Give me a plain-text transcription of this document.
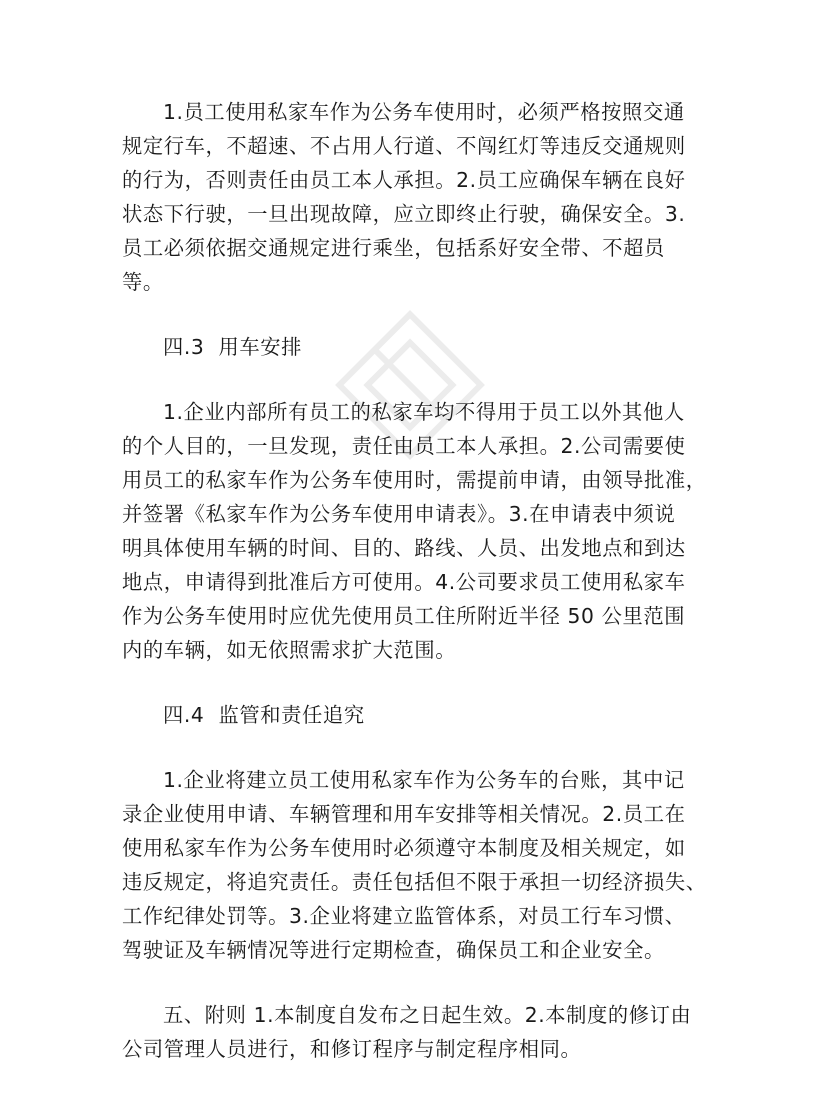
1.员工使用私家车作为公务车使用时，必须严格按照交通
规定行车，不超速、不占用人行道、不闯红灯等违反交通规则
的行为，否则责任由员工本人承担。2.员工应确保车辆在良好
状态下行驶，一旦出现故障，应立即终止行驶，确保安全。3.
员工必须依据交通规定进行乘坐，包括系好安全带、不超员
等。

四.3  用车安排

1.企业内部所有员工的私家车均不得用于员工以外其他人
的个人目的，一旦发现，责任由员工本人承担。2.公司需要使
用员工的私家车作为公务车使用时，需提前申请，由领导批准，
并签署《私家车作为公务车使用申请表》。3.在申请表中须说
明具体使用车辆的时间、目的、路线、人员、出发地点和到达
地点，申请得到批准后方可使用。4.公司要求员工使用私家车
作为公务车使用时应优先使用员工住所附近半径 50 公里范围
内的车辆，如无依照需求扩大范围。

四.4  监管和责任追究

1.企业将建立员工使用私家车作为公务车的台账，其中记
录企业使用申请、车辆管理和用车安排等相关情况。2.员工在
使用私家车作为公务车使用时必须遵守本制度及相关规定，如
违反规定，将追究责任。责任包括但不限于承担一切经济损失、
工作纪律处罚等。3.企业将建立监管体系，对员工行车习惯、
驾驶证及车辆情况等进行定期检查，确保员工和企业安全。

五、附则 1.本制度自发布之日起生效。2.本制度的修订由
公司管理人员进行，和修订程序与制定程序相同。
